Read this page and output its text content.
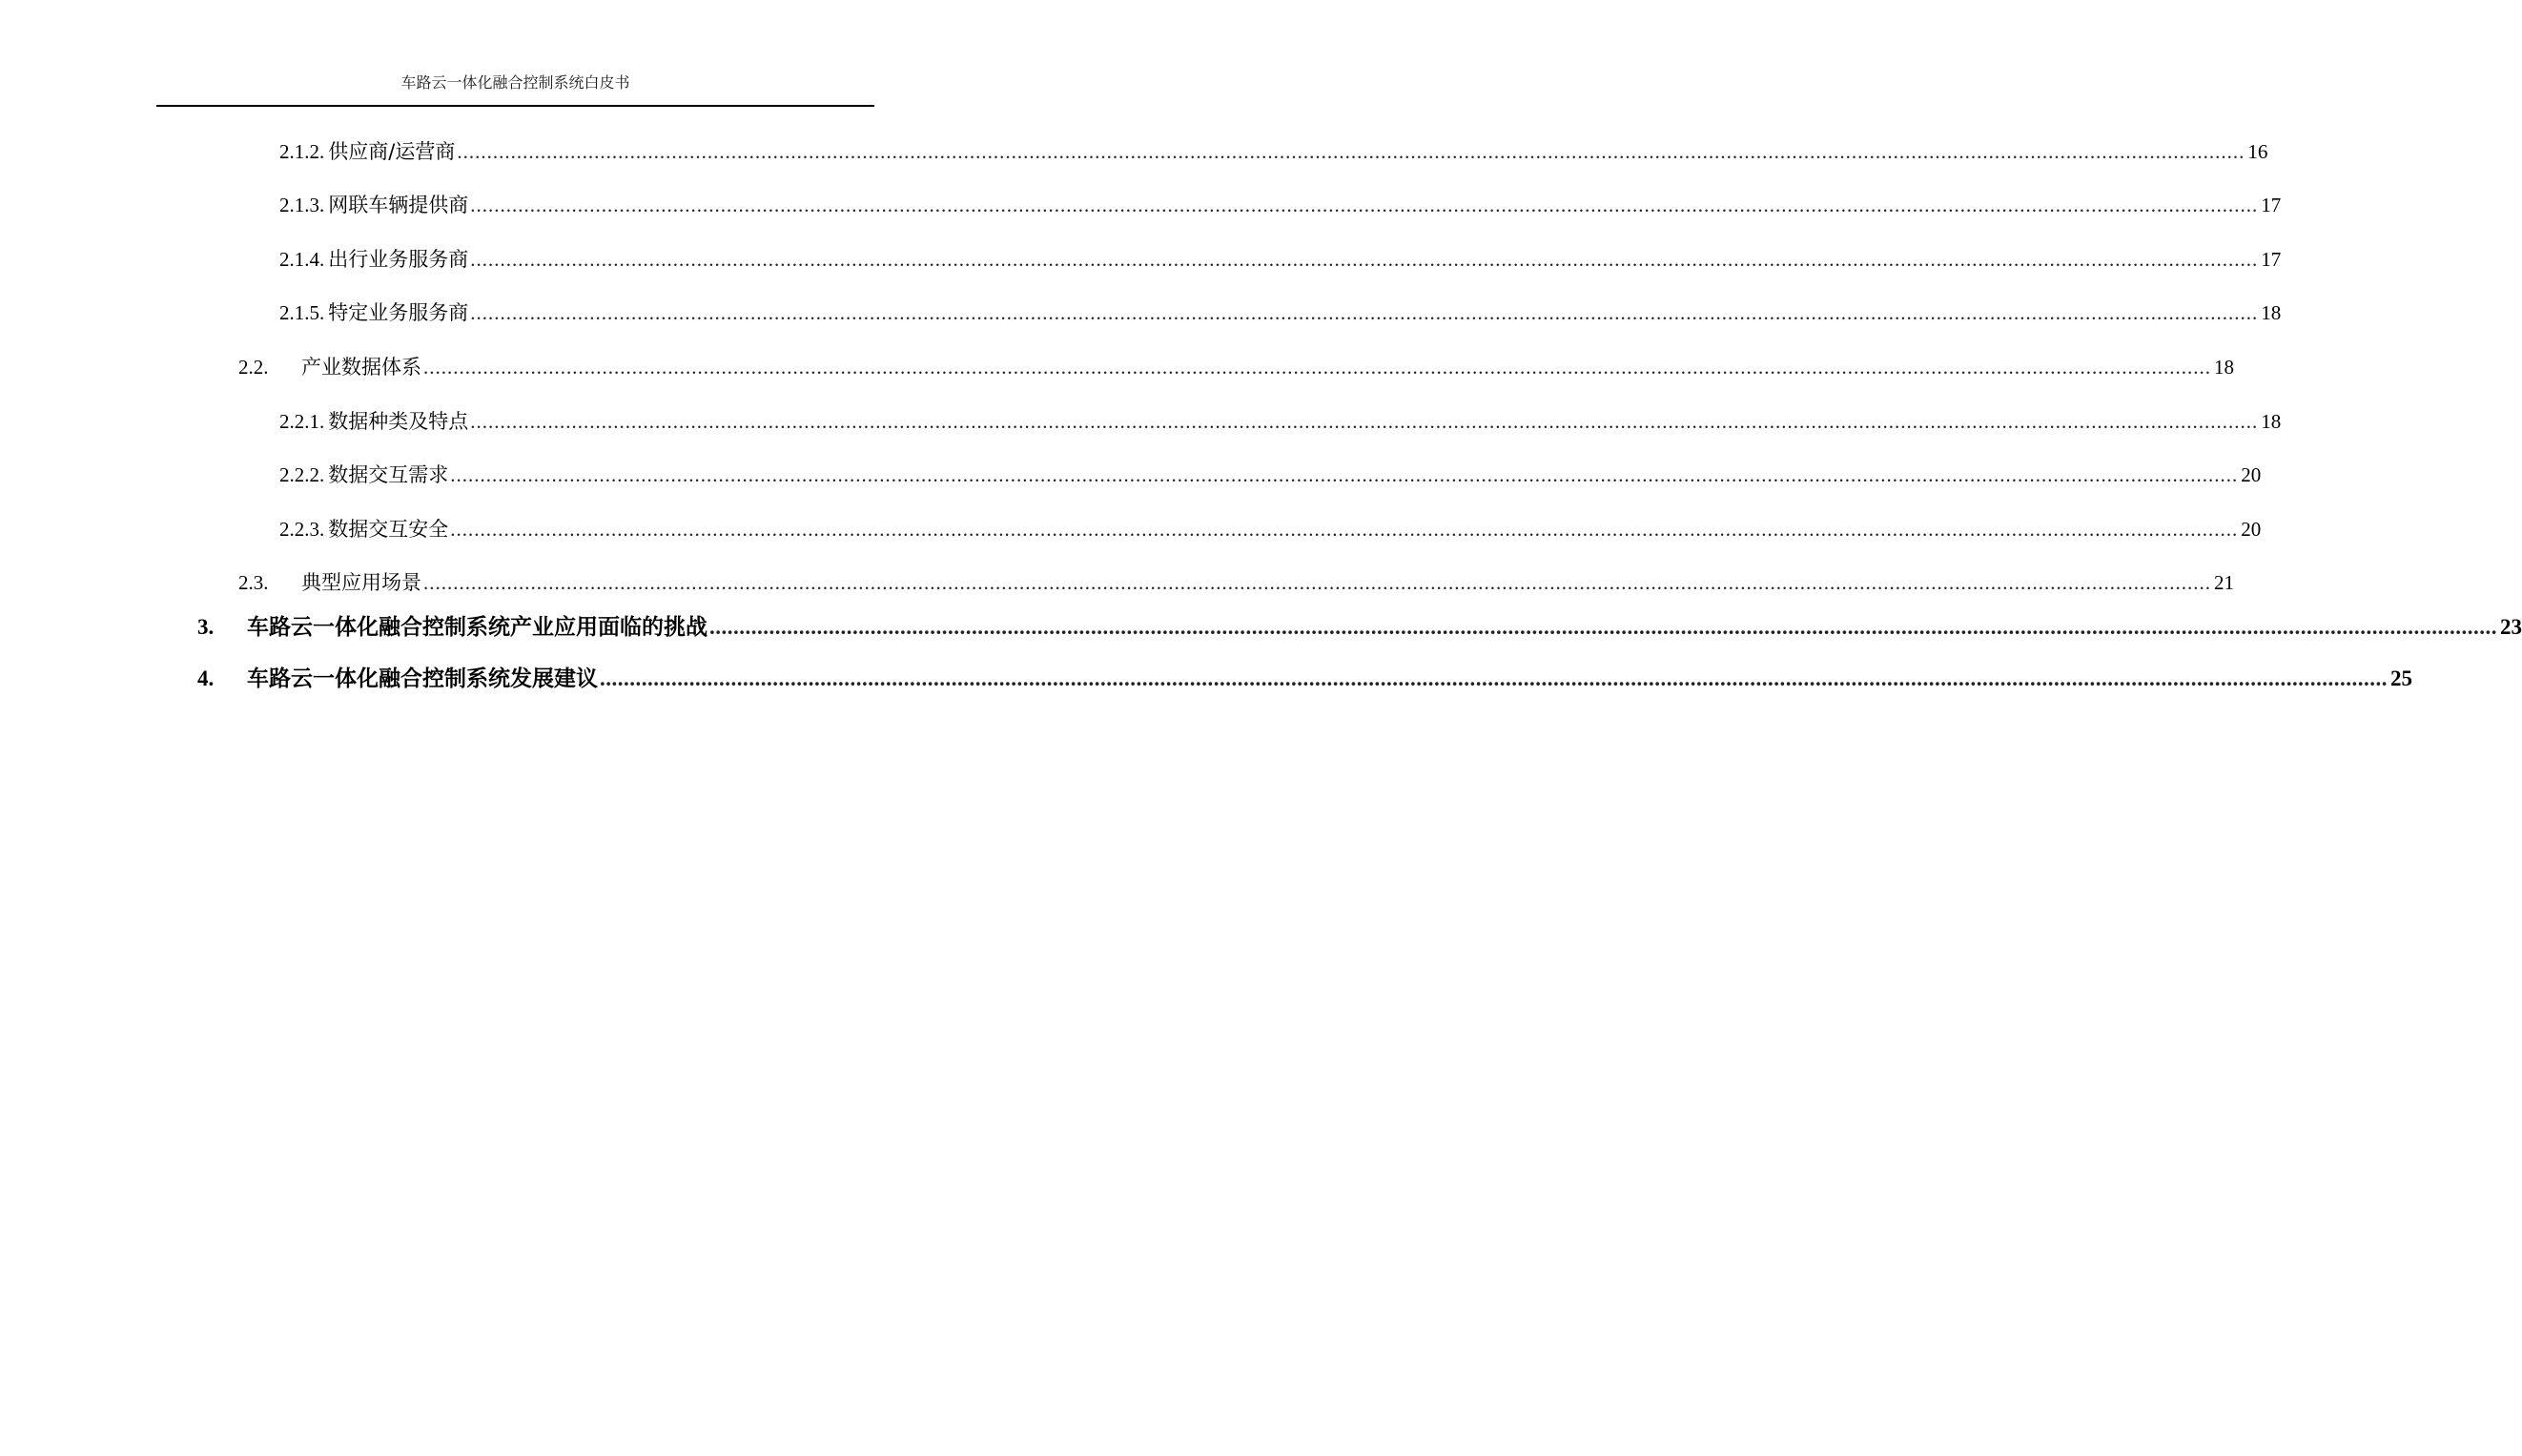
车路云一体化融合控制系统白皮书
2.1.2. 供应商/运营商 ............................................................................................................................................................................................................................................................................................................ 16
2.1.3. 网联车辆提供商 ............................................................................................................................................................................................................................................................................................................ 17
2.1.4. 出行业务服务商 ............................................................................................................................................................................................................................................................................................................ 17
2.1.5. 特定业务服务商 ............................................................................................................................................................................................................................................................................................................ 18
2.2.	产业数据体系 ............................................................................................................................................................................................................................................................................................................ 18
2.2.1. 数据种类及特点 ............................................................................................................................................................................................................................................................................................................ 18
2.2.2. 数据交互需求 ............................................................................................................................................................................................................................................................................................................ 20
2.2.3. 数据交互安全 ............................................................................................................................................................................................................................................................................................................ 20
2.3.	典型应用场景 ............................................................................................................................................................................................................................................................................................................ 21
3.	车路云一体化融合控制系统产业应用面临的挑战 ............................................................................................................................................................................................................................................................................................................ 23
4.	车路云一体化融合控制系统发展建议 ............................................................................................................................................................................................................................................................................................................ 25
